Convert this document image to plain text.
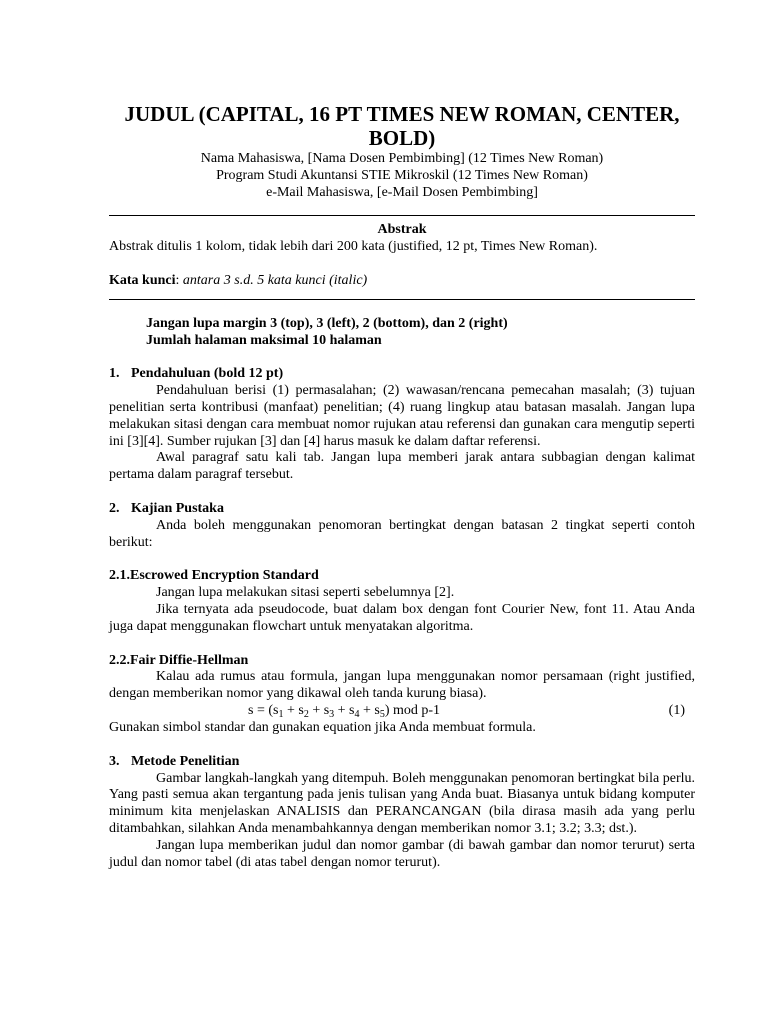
JUDUL (CAPITAL, 16 PT TIMES NEW ROMAN, CENTER, BOLD)
Nama Mahasiswa, [Nama Dosen Pembimbing] (12 Times New Roman)
Program Studi Akuntansi STIE Mikroskil (12 Times New Roman)
e-Mail Mahasiswa, [e-Mail Dosen Pembimbing]
Abstrak
Abstrak ditulis 1 kolom, tidak lebih dari 200 kata (justified, 12 pt, Times New Roman).
Kata kunci: antara 3 s.d. 5 kata kunci (italic)
Jangan lupa margin 3 (top), 3 (left), 2 (bottom), dan 2 (right)
Jumlah halaman maksimal 10 halaman
1. Pendahuluan (bold 12 pt)
Pendahuluan berisi (1) permasalahan; (2) wawasan/rencana pemecahan masalah; (3) tujuan penelitian serta kontribusi (manfaat) penelitian; (4) ruang lingkup atau batasan masalah. Jangan lupa melakukan sitasi dengan cara membuat nomor rujukan atau referensi dan gunakan cara mengutip seperti ini [3][4]. Sumber rujukan [3] dan [4] harus masuk ke dalam daftar referensi.
Awal paragraf satu kali tab. Jangan lupa memberi jarak antara subbagian dengan kalimat pertama dalam paragraf tersebut.
2. Kajian Pustaka
Anda boleh menggunakan penomoran bertingkat dengan batasan 2 tingkat seperti contoh berikut:
2.1.Escrowed Encryption Standard
Jangan lupa melakukan sitasi seperti sebelumnya [2].
Jika ternyata ada pseudocode, buat dalam box dengan font Courier New, font 11. Atau Anda juga dapat menggunakan flowchart untuk menyatakan algoritma.
2.2.Fair Diffie-Hellman
Kalau ada rumus atau formula, jangan lupa menggunakan nomor persamaan (right justified, dengan memberikan nomor yang dikawal oleh tanda kurung biasa).
$s = (s_1 + s_2 + s_3 + s_4 + s_5)$ mod p-1	(1)
Gunakan simbol standar dan gunakan equation jika Anda membuat formula.
3. Metode Penelitian
Gambar langkah-langkah yang ditempuh. Boleh menggunakan penomoran bertingkat bila perlu. Yang pasti semua akan tergantung pada jenis tulisan yang Anda buat. Biasanya untuk bidang komputer minimum kita menjelaskan ANALISIS dan PERANCANGAN (bila dirasa masih ada yang perlu ditambahkan, silahkan Anda menambahkannya dengan memberikan nomor 3.1; 3.2; 3.3; dst.).
Jangan lupa memberikan judul dan nomor gambar (di bawah gambar dan nomor terurut) serta judul dan nomor tabel (di atas tabel dengan nomor terurut).
